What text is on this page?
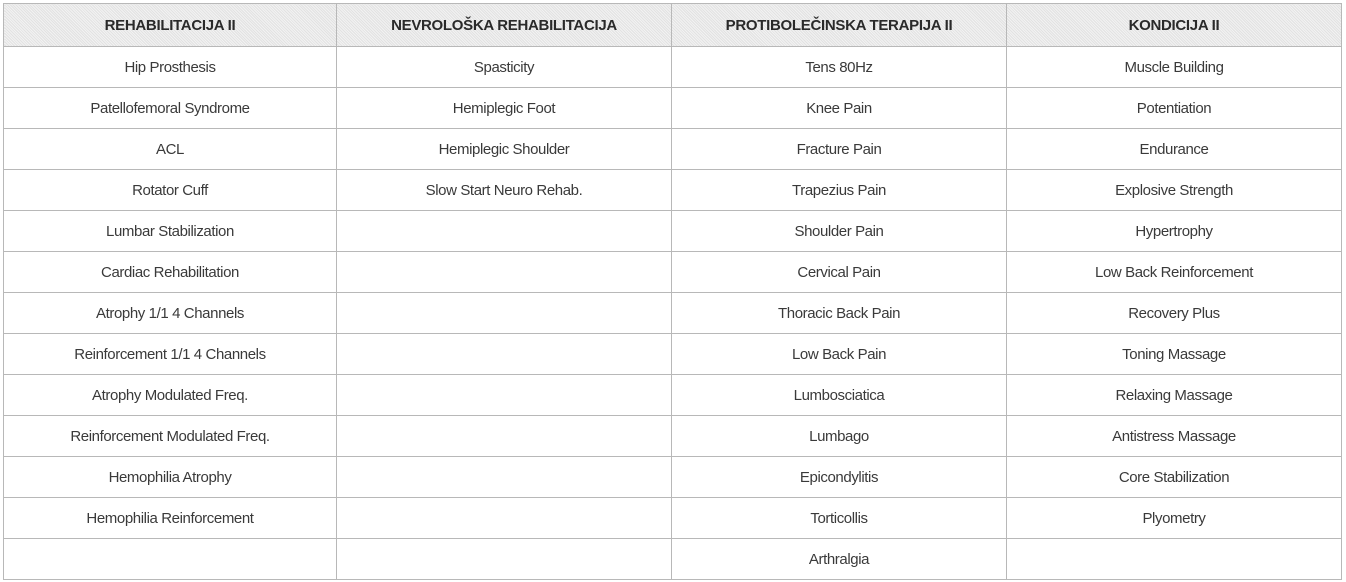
REHABILITACIJA II	NEVROLOŠKA REHABILITACIJA	PROTIBOLEČINSKA TERAPIJA II	KONDICIJA II
Hip Prosthesis	Spasticity	Tens 80Hz	Muscle Building
Patellofemoral Syndrome	Hemiplegic Foot	Knee Pain	Potentiation
ACL	Hemiplegic Shoulder	Fracture Pain	Endurance
Rotator Cuff	Slow Start Neuro Rehab.	Trapezius Pain	Explosive Strength
Lumbar Stabilization		Shoulder Pain	Hypertrophy
Cardiac Rehabilitation		Cervical Pain	Low Back Reinforcement
Atrophy 1/1 4 Channels		Thoracic Back Pain	Recovery Plus
Reinforcement 1/1 4 Channels		Low Back Pain	Toning Massage
Atrophy Modulated Freq.		Lumbosciatica	Relaxing Massage
Reinforcement Modulated Freq.		Lumbago	Antistress Massage
Hemophilia Atrophy		Epicondylitis	Core Stabilization
Hemophilia Reinforcement		Torticollis	Plyometry
		Arthralgia	
